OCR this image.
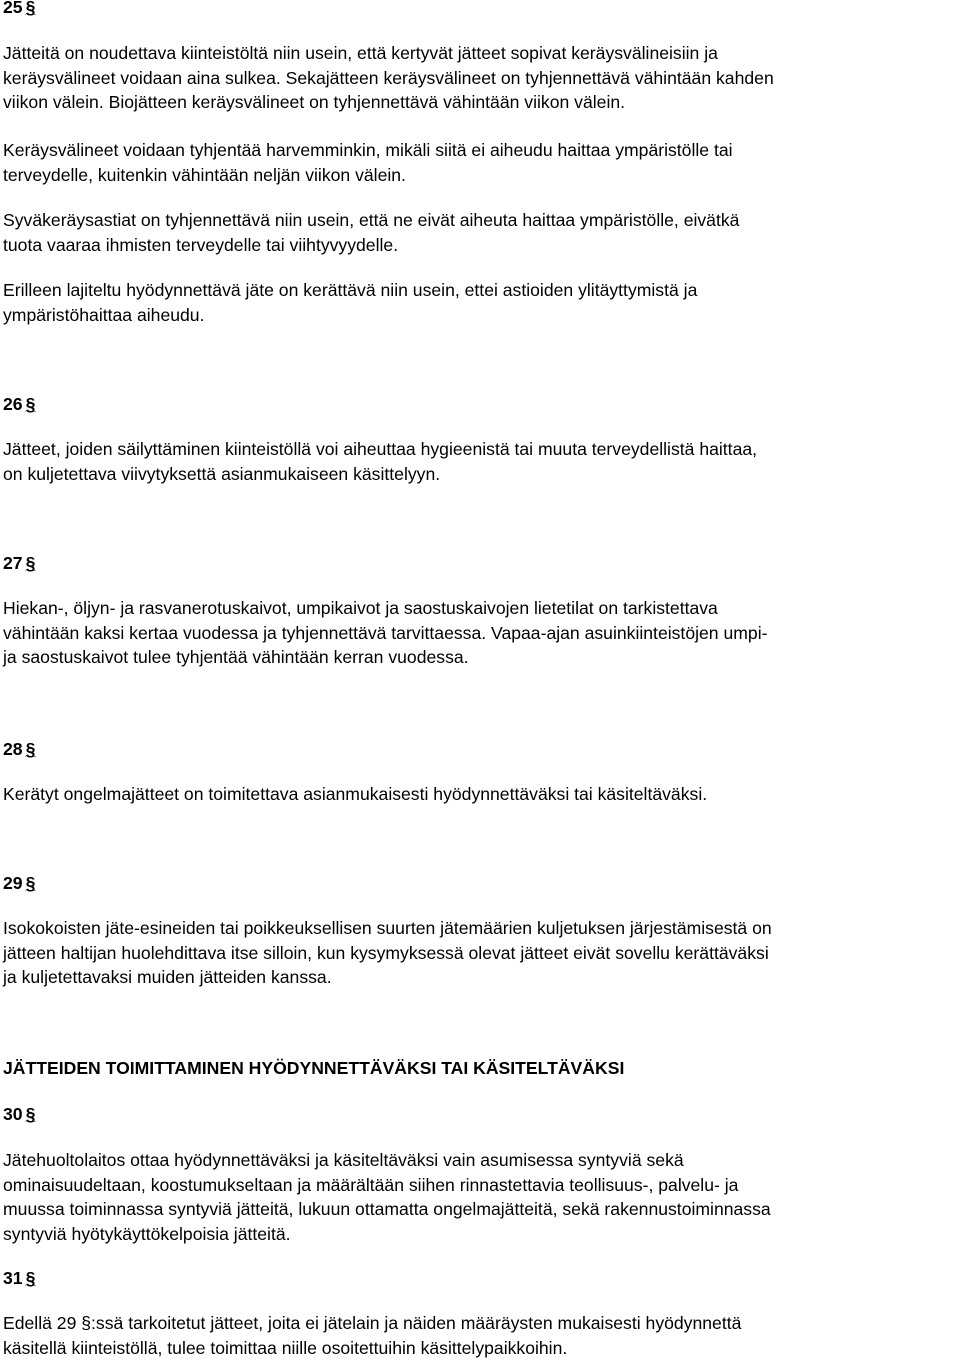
25 §

Jätteitä on noudettava kiinteistöltä niin usein, että kertyvät jätteet sopivat keräysvälineisiin ja
keräysvälineet voidaan aina sulkea. Sekajätteen keräysvälineet on tyhjennettävä vähintään kahden
viikon välein. Biojätteen keräysvälineet on tyhjennettävä vähintään viikon välein.

Keräysvälineet voidaan tyhjentää harvemminkin, mikäli siitä ei aiheudu haittaa ympäristölle tai
terveydelle, kuitenkin vähintään neljän viikon välein.

Syväkeräysastiat on tyhjennettävä niin usein, että ne eivät aiheuta haittaa ympäristölle, eivätkä
tuota vaaraa ihmisten terveydelle tai viihtyvyydelle.

Erilleen lajiteltu hyödynnettävä jäte on kerättävä niin usein, ettei astioiden ylitäyttymistä ja
ympäristöhaittaa aiheudu.

26 §

Jätteet, joiden säilyttäminen kiinteistöllä voi aiheuttaa hygieenistä tai muuta terveydellistä haittaa,
on kuljetettava viivytyksettä asianmukaiseen käsittelyyn.

27 §

Hiekan-, öljyn- ja rasvanerotuskaivot, umpikaivot ja saostuskaivojen lietetilat on tarkistettava
vähintään kaksi kertaa vuodessa ja tyhjennettävä tarvittaessa. Vapaa-ajan asuinkiinteistöjen umpi-
ja saostuskaivot tulee tyhjentää vähintään kerran vuodessa.

28 §

Kerätyt ongelmajätteet on toimitettava asianmukaisesti hyödynnettäväksi tai käsiteltäväksi.

29 §

Isokokoisten jäte-esineiden tai poikkeuksellisen suurten jätemäärien kuljetuksen järjestämisestä on
jätteen haltijan huolehdittava itse silloin, kun kysymyksessä olevat jätteet eivät sovellu kerättäväksi
ja kuljetettavaksi muiden jätteiden kanssa.

JÄTTEIDEN TOIMITTAMINEN HYÖDYNNETTÄVÄKSI TAI KÄSITELTÄVÄKSI

30 §

Jätehuoltolaitos ottaa hyödynnettäväksi ja käsiteltäväksi vain asumisessa syntyviä sekä
ominaisuudeltaan, koostumukseltaan ja määrältään siihen rinnastettavia teollisuus-, palvelu- ja
muussa toiminnassa syntyviä jätteitä, lukuun ottamatta ongelmajätteitä, sekä rakennustoiminnassa
syntyviä hyötykäyttökelpoisia jätteitä.

31 §

Edellä 29 §:ssä tarkoitetut jätteet, joita ei jätelain ja näiden määräysten mukaisesti hyödynnettä
käsitellä kiinteistöllä, tulee toimittaa niille osoitettuihin käsittelypaikkoihin.
